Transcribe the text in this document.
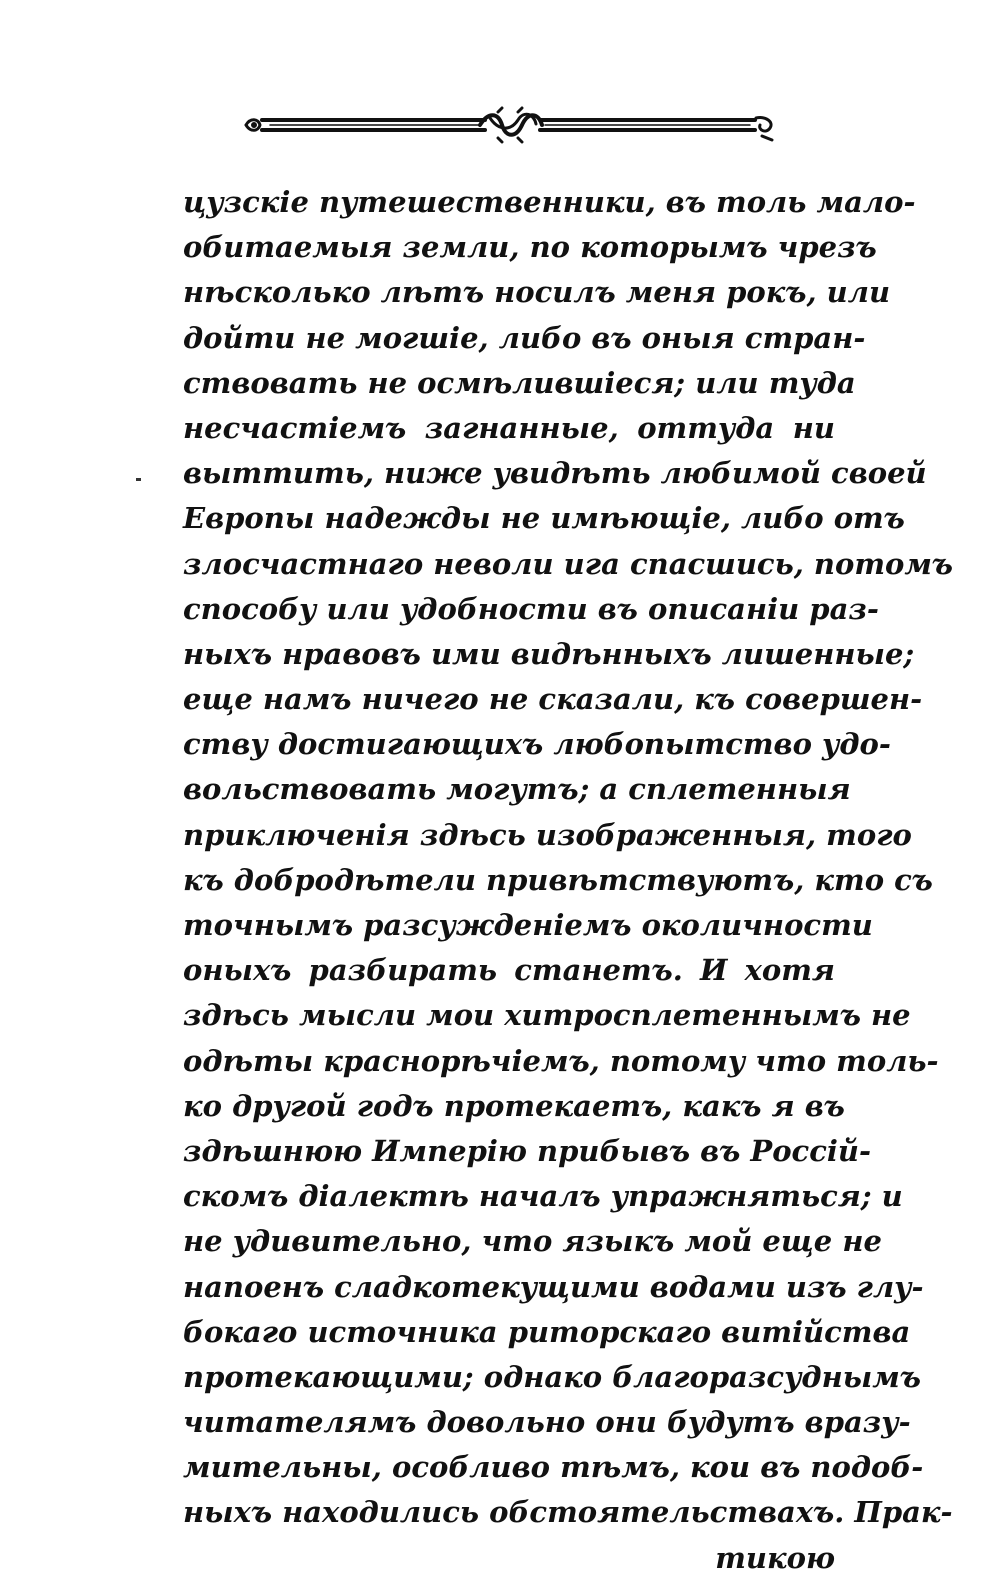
цузскiе путешественники, въ толь мало-
обитаемыя земли, по которымъ чрезъ
нѣсколько лѣтъ носилъ меня рокъ, или
дойти не могшiе, либо въ оныя стран-
ствовать не осмѣлившiеся; или туда
несчастiемъ загнанные, оттуда ни
выттить, ниже увидѣть любимой своей
Европы надежды не имѣющiе, либо отъ
злосчастнаго неволи ига спасшись, потомъ
способу или удобности въ описанiи раз-
ныхъ нравовъ ими видѣнныхъ лишенные;
еще намъ ничего не сказали, къ совершен-
ству достигающихъ любопытство удо-
вольствовать могутъ; а сплетенныя
приключенiя здѣсь изображенныя, того
къ добродѣтели привѣтствуютъ, кто съ
точнымъ разсужденiемъ околичности
оныхъ разбирать станетъ. И хотя
здѣсь мысли мои хитросплетеннымъ не
одѣты краснорѣчiемъ, потому что толь-
ко другой годъ протекаетъ, какъ я въ
здѣшнюю Имперiю прибывъ въ Россiй-
скомъ дiалектѣ началъ упражняться; и
не удивительно, что языкъ мой еще не
напоенъ сладкотекущими водами изъ глу-
бокаго источника риторскаго витiйства
протекающими; однако благоразсуднымъ
читателямъ довольно они будутъ вразу-
мительны, особливо тѣмъ, кои въ подоб-
ныхъ находились обстоятельствахъ. Прак-
тикою
